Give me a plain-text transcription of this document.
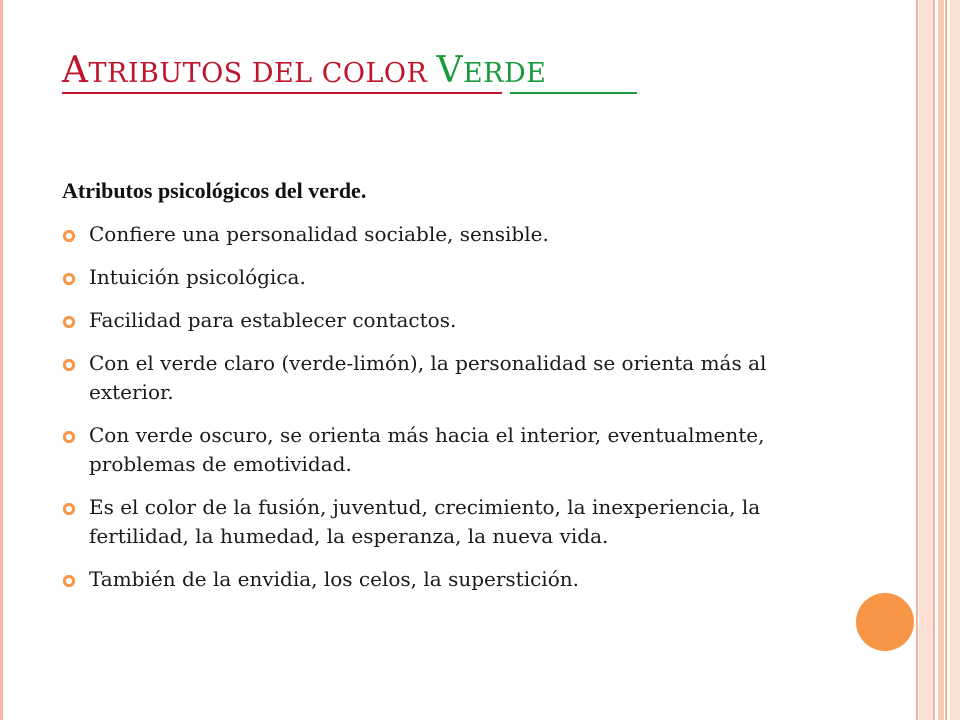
ATRIBUTOS DEL COLOR VERDE
Atributos psicológicos del verde.
Confiere una personalidad sociable, sensible.
Intuición psicológica.
Facilidad para establecer contactos.
Con el verde claro (verde-limón), la personalidad se orienta más al exterior.
Con verde oscuro, se orienta más hacia el interior, eventualmente, problemas de emotividad.
Es el color de la fusión, juventud, crecimiento, la inexperiencia, la fertilidad, la humedad, la esperanza, la nueva vida.
También de la envidia, los celos, la superstición.
